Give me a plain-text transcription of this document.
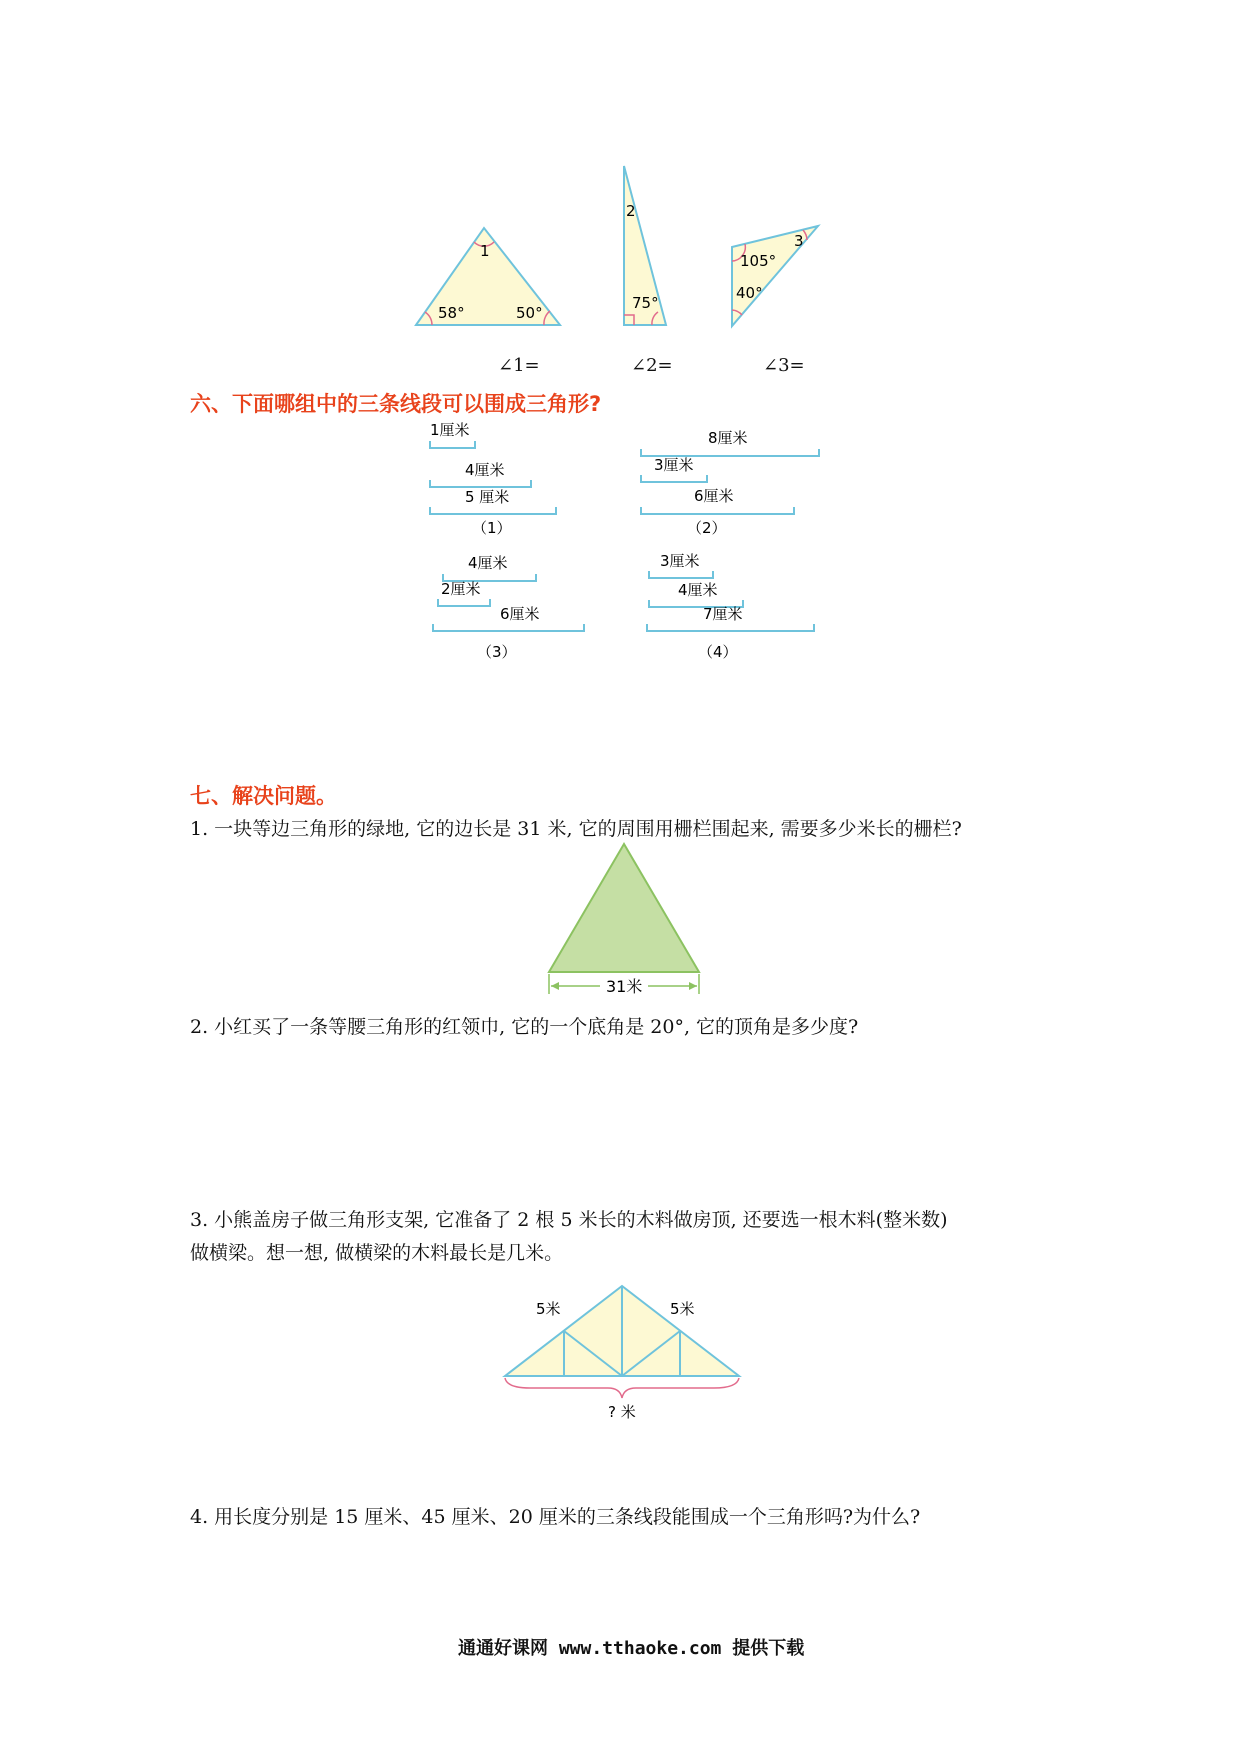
1
58°	50°
2
75°
105°
3
40°
∠1=	∠2=	∠3=
六、下面哪组中的三条线段可以围成三角形?
1厘米
4厘米
5 厘米
（1）
8厘米
3厘米
6厘米
（2）
4厘米
2厘米
6厘米
（3）
3厘米
4厘米
7厘米
（4）
七、解决问题。
1. 一块等边三角形的绿地, 它的边长是 31 米, 它的周围用栅栏围起来, 需要多少米长的栅栏?
31米
2. 小红买了一条等腰三角形的红领巾, 它的一个底角是 20°, 它的顶角是多少度?
3. 小熊盖房子做三角形支架, 它准备了 2 根 5 米长的木料做房顶, 还要选一根木料(整米数)
做横梁。想一想, 做横梁的木料最长是几米。
5米	5米
? 米
4. 用长度分别是 15 厘米、45 厘米、20 厘米的三条线段能围成一个三角形吗?为什么?
通通好课网 www.tthaoke.com 提供下载
